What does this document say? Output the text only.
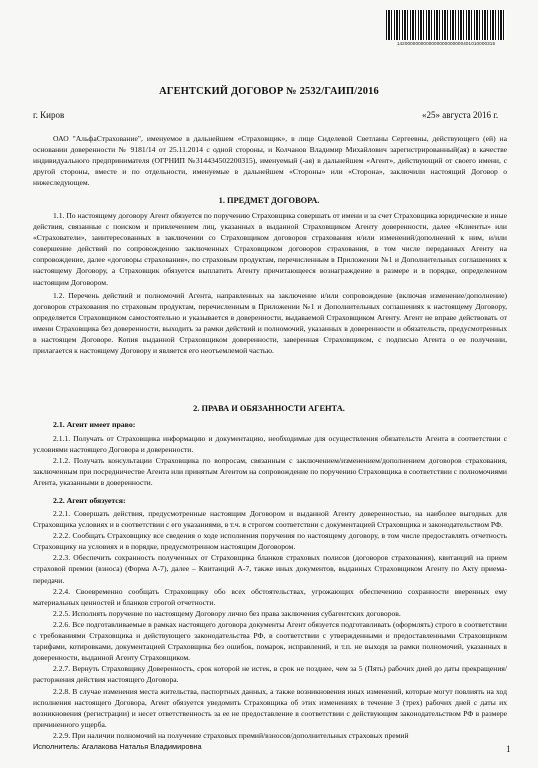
1420000000000000000000000401010000315
АГЕНТСКИЙ ДОГОВОР № 2532/ГАИП/2016
г. Киров	«25» августа 2016 г.

ОАО "АльфаСтрахование", именуемое в дальнейшем «Страховщик», в лице Сиделевой Светланы Сергеевны, действующего (ей) на основании доверенности № 9181/14 от 25.11.2014 с одной стороны, и Колчанов Владимир Михайлович зарегистрированный(ая) в качестве индивидуального предпринимателя (ОГРНИП №314434502200315), именуемый (-ая) в дальнейшем «Агент», действующий от своего имени, с другой стороны, вместе и по отдельности, именуемые в дальнейшем «Стороны» или «Сторона», заключили настоящий Договор о нижеследующем.

1. ПРЕДМЕТ ДОГОВОРА.

1.1. По настоящему договору Агент обязуется по поручению Страховщика совершать от имени и за счет Страховщика юридические и иные действия, связанные с поиском и привлечением лиц, указанных в выданной Страховщиком Агенту доверенности, далее «Клиенты» или «Страхователи», заинтересованных в заключении со Страховщиком договоров страхования и/или изменений/дополнений к ним, и/или совершение действий по сопровождению заключенных Страховщиком договоров страхования, в том числе переданных Агенту на сопровождение, далее «договоры страхования», по страховым продуктам, перечисленным в Приложении №1 и Дополнительных соглашениях к настоящему Договору, а Страховщик обязуется выплатить Агенту причитающееся вознаграждение в размере и в порядке, определенном настоящим Договором.

1.2. Перечень действий и полномочий Агента, направленных на заключение и/или сопровождение (включая изменение/дополнение) договоров страхования по страховым продуктам, перечисленным в Приложении №1 и Дополнительных соглашениях к настоящему Договору, определяется Страховщиком самостоятельно и указывается в доверенности, выдаваемой Страховщиком Агенту. Агент не вправе действовать от имени Страховщика без доверенности, выходить за рамки действий и полномочий, указанных в доверенности и обязательств, предусмотренных в настоящем Договоре. Копия выданной Страховщиком доверенности, заверенная Страховщиком, с подписью Агента о ее получении, прилагается к настоящему Договору и является его неотъемлемой частью.

2. ПРАВА И ОБЯЗАННОСТИ АГЕНТА.
2.1. Агент имеет право:

2.1.1. Получать от Страховщика информацию и документацию, необходимые для осуществления обязательств Агента в соответствии с условиями настоящего Договора и доверенности.

2.1.2. Получать консультации Страховщика по вопросам, связанным с заключением/изменением/дополнением договоров страхования, заключенным при посредничестве Агента или принятым Агентом на сопровождение по поручению Страховщика в соответствии с полномочиями Агента, указанными в доверенности.

2.2. Агент обязуется:

2.2.1. Совершать действия, предусмотренные настоящим Договором и выданной Агенту доверенностью, на наиболее выгодных для Страховщика условиях и в соответствии с его указаниями, в т.ч. в строгом соответствии с документацией Страховщика и законодательством РФ.

2.2.2. Сообщать Страховщику все сведения о ходе исполнения поручения по настоящему договору, в том числе предоставлять отчетность Страховщику на условиях и в порядке, предусмотренном настоящим Договором.

2.2.3. Обеспечить сохранность полученных от Страховщика бланков страховых полисов (договоров страхования), квитанций на прием страховой премии (взноса) (Форма А-7), далее – Квитанций А-7, также иных документов, выданных Страховщиком Агенту по Акту приема-передачи.

2.2.4. Своевременно сообщать Страховщику обо всех обстоятельствах, угрожающих обеспечению сохранности вверенных ему материальных ценностей и бланков строгой отчетности.

2.2.5. Исполнять поручение по настоящему Договору лично без права заключения субагентских договоров.

2.2.6. Все подготавливаемые в рамках настоящего договора документы Агент обязуется подготавливать (оформлять) строго в соответствии с требованиями Страховщика и действующего законодательства РФ, в соответствии с утвержденными и предоставленными Страховщиком тарифами, котировками, документацией Страховщика без ошибок, помарок, исправлений, и т.п. не выходя за рамки полномочий, указанных в доверенности, выданной Агенту Страховщиком.

2.2.7. Вернуть Страховщику Доверенность, срок которой не истек, в срок не позднее, чем за 5 (Пять) рабочих дней до даты прекращения/расторжения действия настоящего Договора.

2.2.8. В случае изменения места жительства, паспортных данных, а также возникновения иных изменений, которые могут повлиять на ход исполнения настоящего Договора, Агент обязуется уведомить Страховщика об этих изменениях в течение 3 (трех) рабочих дней с даты их возникновения (регистрации) и несет ответственность за ее не предоставление в соответствии с действующим законодательством РФ в размере причиненного ущерба.

2.2.9. При наличии полномочий на получение страховых премий/взносов/дополнительных страховых премий

Исполнитель: Агалакова Наталья Владимировна	1
